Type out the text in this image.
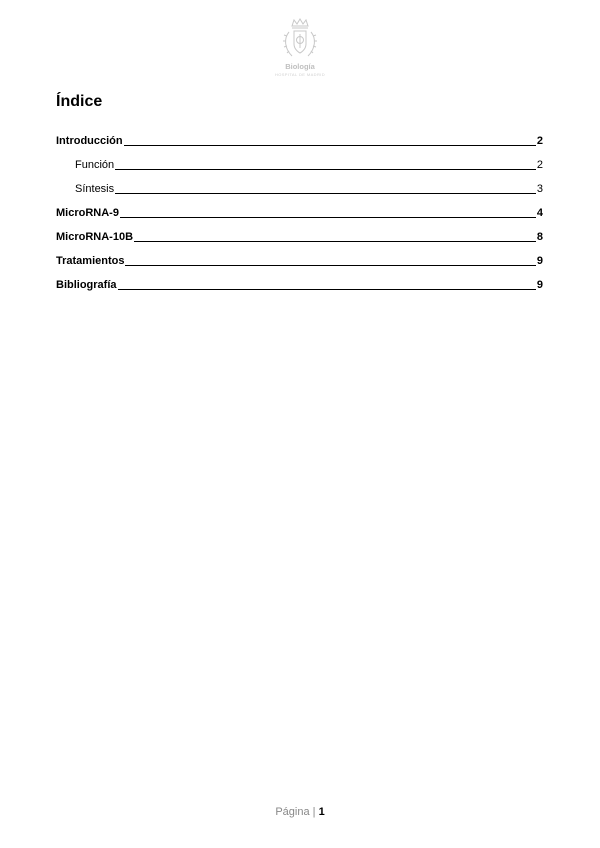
Biología
HOSPITAL DE MADRID
Índice
Introducción	2
Función	2
Síntesis	3
MicroRNA-9	4
MicroRNA-10B	8
Tratamientos	9
Bibliografía	9
Página | 1
